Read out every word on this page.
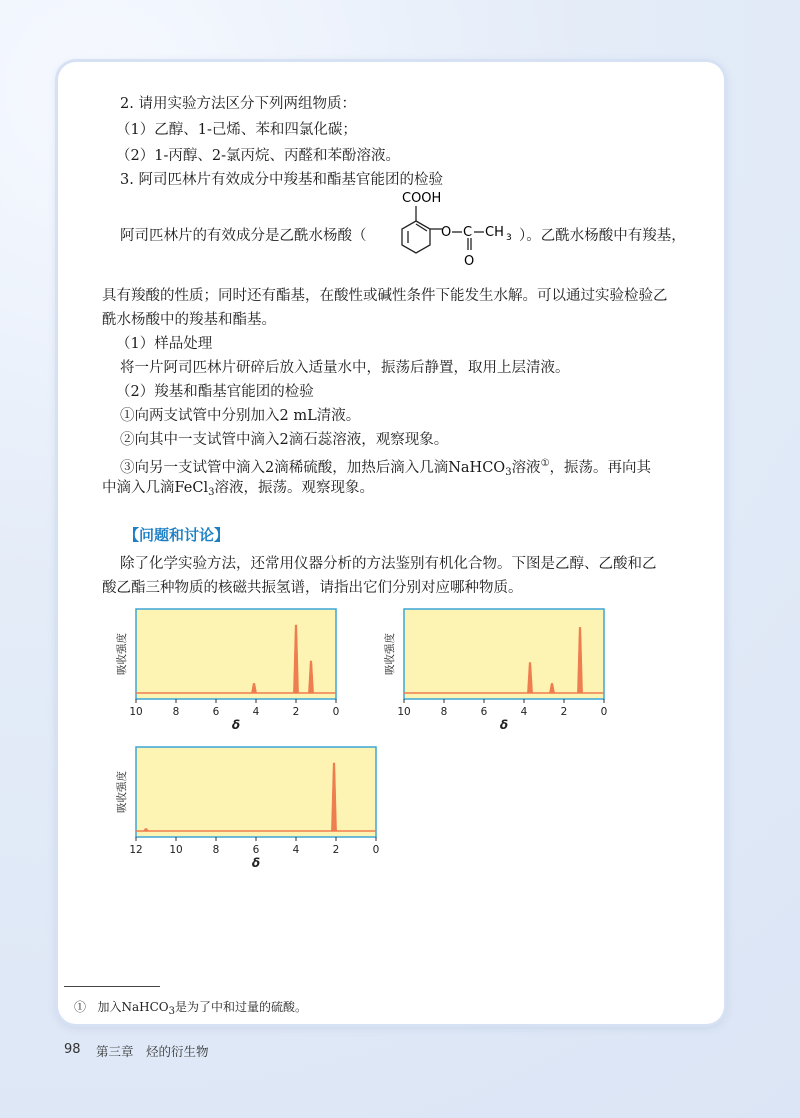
2. 请用实验方法区分下列两组物质：
（1）乙醇、1-己烯、苯和四氯化碳；
（2）1-丙醇、2-氯丙烷、丙醛和苯酚溶液。
3. 阿司匹林片有效成分中羧基和酯基官能团的检验
阿司匹林片的有效成分是乙酰水杨酸（
COOH
O C CH 3
O
）。乙酰水杨酸中有羧基，
具有羧酸的性质；同时还有酯基，在酸性或碱性条件下能发生水解。可以通过实验检验乙
酰水杨酸中的羧基和酯基。
（1）样品处理
将一片阿司匹林片研碎后放入适量水中，振荡后静置，取用上层清液。
（2）羧基和酯基官能团的检验
①向两支试管中分别加入2 mL清液。
②向其中一支试管中滴入2滴石蕊溶液，观察现象。
③向另一支试管中滴入2滴稀硫酸，加热后滴入几滴NaHCO$_3$溶液①，振荡。再向其
中滴入几滴FeCl$_3$溶液，振荡。观察现象。
【问题和讨论】
除了化学实验方法，还常用仪器分析的方法鉴别有机化合物。下图是乙醇、乙酸和乙
酸乙酯三种物质的核磁共振氢谱，请指出它们分别对应哪种物质。
吸收强度
10	8	6	4	2	0
δ
吸收强度
10	8	6	4	2	0
δ
吸收强度
12	10	8	6	4	2	0
δ
① 加入NaHCO$_3$是为了中和过量的硫酸。
98 第三章　烃的衍生物
